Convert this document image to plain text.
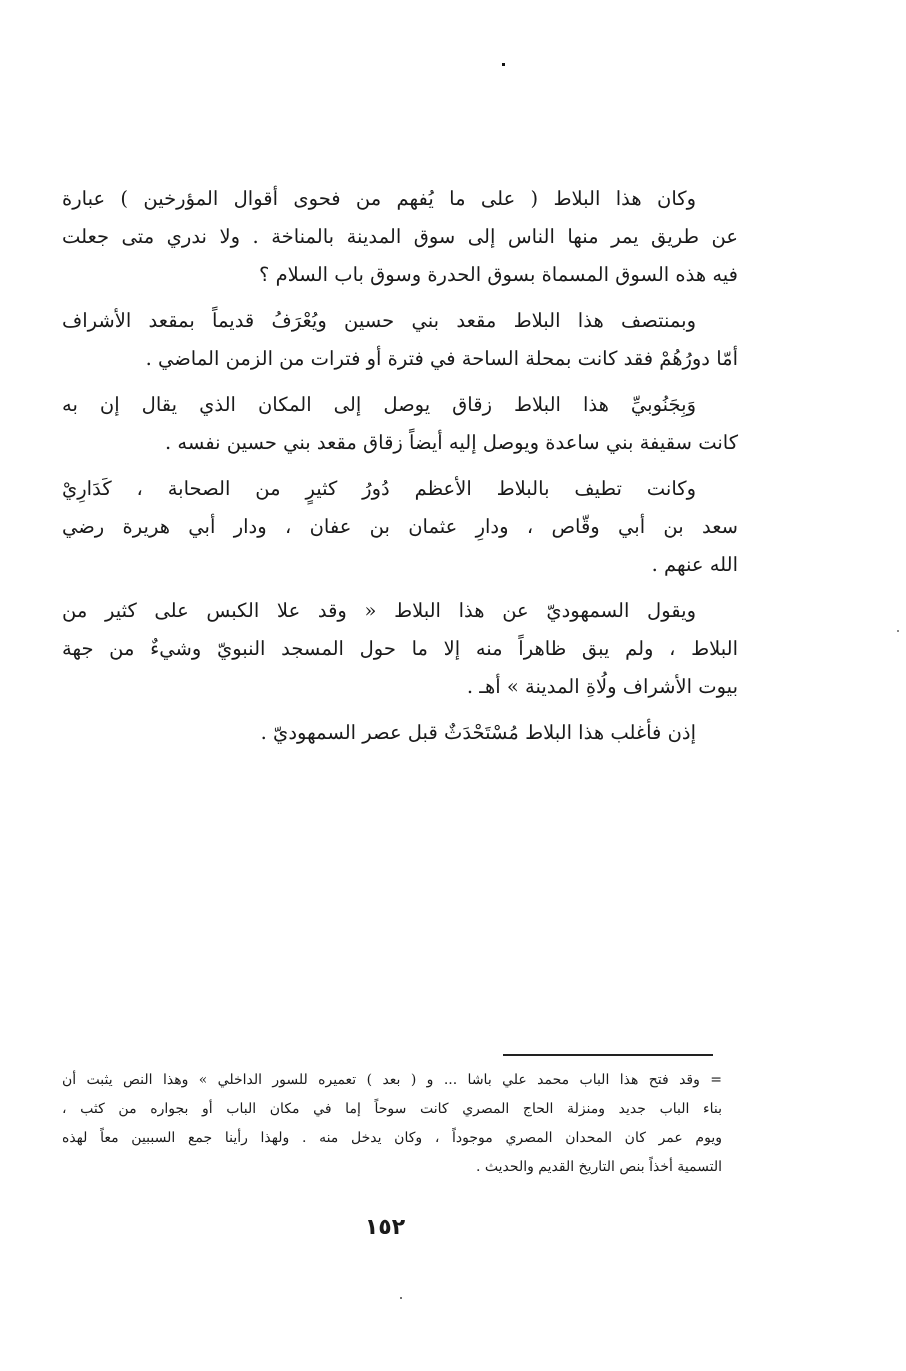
وكان هذا البلاط ( على ما يُفهم من فحوى أقوال المؤرخين ) عبارة
عن طريق يمر منها الناس إلى سوق المدينة بالمناخة . ولا ندري متى جعلت
فيه هذه السوق المسماة بسوق الحدرة وسوق باب السلام ؟

وبمنتصف هذا البلاط مقعد بني حسين ويُعْرَفُ قديماً بمقعد الأشراف
أمّا دورُهُمْ فقد كانت بمحلة الساحة في فترة أو فترات من الزمن الماضي .

وَبِجَنُوبيِّ هذا البلاط زقاق يوصل إلى المكان الذي يقال إن به
كانت سقيفة بني ساعدة ويوصل إليه أيضاً زقاق مقعد بني حسين نفسه .

وكانت تطيف بالبلاط الأعظم دُورُ كثيرٍ من الصحابة ، كَدَارِيْ
سعد بن أبي وقّاص ، ودارِ عثمان بن عفان ، ودار أبي هريرة رضي
الله عنهم .

ويقول السمهوديّ عن هذا البلاط « وقد علا الكبس على كثير من
البلاط ، ولم يبق ظاهراً منه إلا ما حول المسجد النبويّ وشيءٌ من جهة
بيوت الأشراف ولُاةِ المدينة » أهـ .

إذن فأغلب هذا البلاط مُسْتَحْدَثٌ قبل عصر السمهوديّ .

= وقد فتح هذا الباب محمد علي باشا ... و ( بعد ) تعميره للسور الداخلي » وهذا النص يثبت أن
بناء الباب جديد ومنزلة الحاج المصري كانت سوحاً إما في مكان الباب أو بجواره من كثب ،
ويوم عمر كان المحدان المصري موجوداً ، وكان يدخل منه . ولهذا رأينا جمع السببين معاً لهذه
التسمية أخذاً بنص التاريخ القديم والحديث .
١٥٢
